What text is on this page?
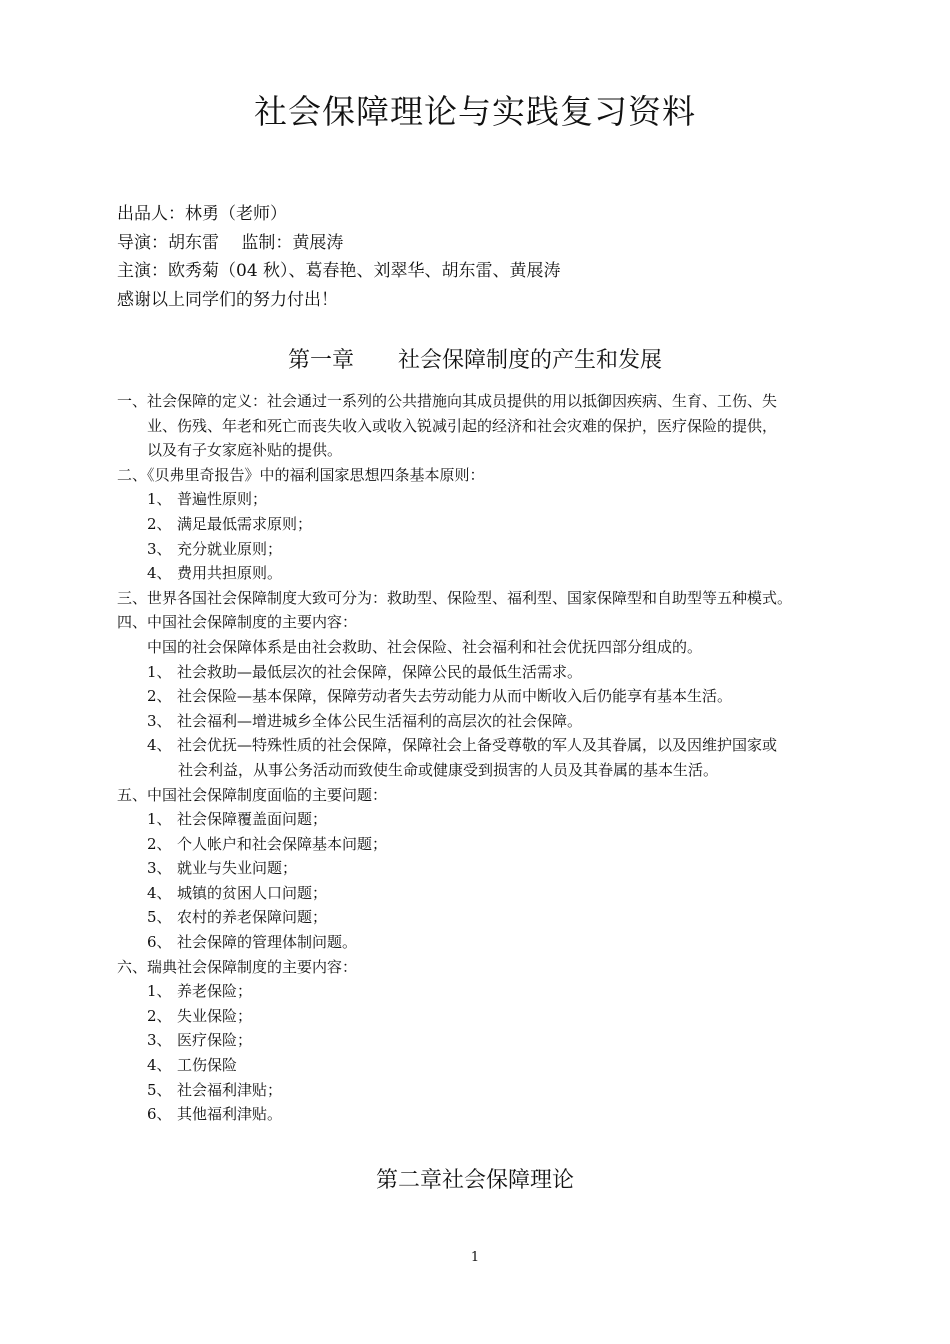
社会保障理论与实践复习资料
出品人：林勇（老师）
导演：胡东雷　 监制：黄展涛
主演：欧秀菊（04 秋）、葛春艳、刘翠华、胡东雷、黄展涛
感谢以上同学们的努力付出！
第一章　　社会保障制度的产生和发展
一、社会保障的定义：社会通过一系列的公共措施向其成员提供的用以抵御因疾病、生育、工伤、失
业、伤残、年老和死亡而丧失收入或收入锐减引起的经济和社会灾难的保护，医疗保险的提供，
以及有子女家庭补贴的提供。
二、《贝弗里奇报告》中的福利国家思想四条基本原则：
1、 普遍性原则；
2、 满足最低需求原则；
3、 充分就业原则；
4、 费用共担原则。
三、世界各国社会保障制度大致可分为：救助型、保险型、福利型、国家保障型和自助型等五种模式。
四、中国社会保障制度的主要内容：
中国的社会保障体系是由社会救助、社会保险、社会福利和社会优抚四部分组成的。
1、 社会救助—最低层次的社会保障，保障公民的最低生活需求。
2、 社会保险—基本保障，保障劳动者失去劳动能力从而中断收入后仍能享有基本生活。
3、 社会福利—增进城乡全体公民生活福利的高层次的社会保障。
4、 社会优抚—特殊性质的社会保障，保障社会上备受尊敬的军人及其眷属，以及因维护国家或
社会利益，从事公务活动而致使生命或健康受到损害的人员及其眷属的基本生活。
五、中国社会保障制度面临的主要问题：
1、 社会保障覆盖面问题；
2、 个人帐户和社会保障基本问题；
3、 就业与失业问题；
4、 城镇的贫困人口问题；
5、 农村的养老保障问题；
6、 社会保障的管理体制问题。
六、瑞典社会保障制度的主要内容：
1、 养老保险；
2、 失业保险；
3、 医疗保险；
4、 工伤保险
5、 社会福利津贴；
6、 其他福利津贴。
第二章社会保障理论
1
